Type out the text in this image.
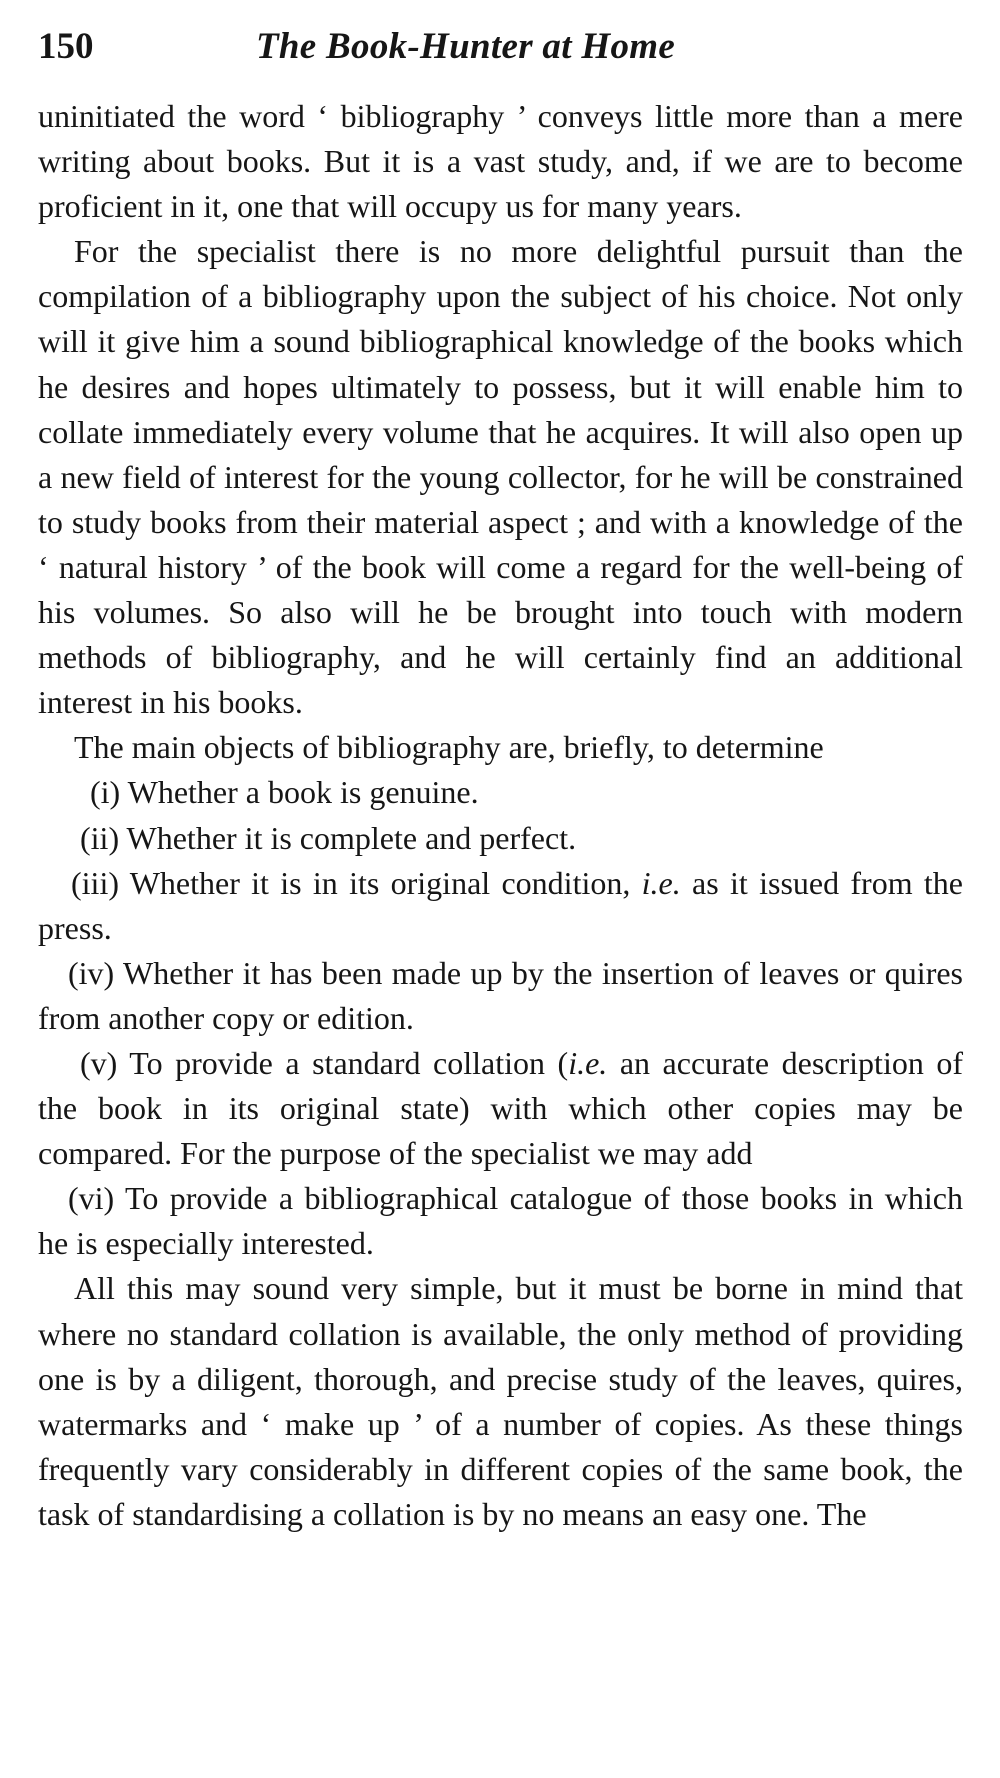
150	The Book-Hunter at Home

uninitiated the word ‘ bibliography ’ conveys little more than a mere writing about books. But it is a vast study, and, if we are to become proficient in it, one that will occupy us for many years.

For the specialist there is no more delightful pursuit than the compilation of a bibliography upon the subject of his choice. Not only will it give him a sound bibliographical knowledge of the books which he desires and hopes ultimately to possess, but it will enable him to collate immediately every volume that he acquires. It will also open up a new field of interest for the young collector, for he will be constrained to study books from their material aspect ; and with a knowledge of the ‘ natural history ’ of the book will come a regard for the well-being of his volumes. So also will he be brought into touch with modern methods of bibliography, and he will certainly find an additional interest in his books.

The main objects of bibliography are, briefly, to determine

(i) Whether a book is genuine.

(ii) Whether it is complete and perfect.

(iii) Whether it is in its original condition, i.e. as it issued from the press.

(iv) Whether it has been made up by the insertion of leaves or quires from another copy or edition.

(v) To provide a standard collation (i.e. an accurate description of the book in its original state) with which other copies may be compared. For the purpose of the specialist we may add

(vi) To provide a bibliographical catalogue of those books in which he is especially interested.

All this may sound very simple, but it must be borne in mind that where no standard collation is available, the only method of providing one is by a diligent, thorough, and precise study of the leaves, quires, watermarks and ‘ make up ’ of a number of copies. As these things frequently vary considerably in different copies of the same book, the task of standardising a collation is by no means an easy one. The
